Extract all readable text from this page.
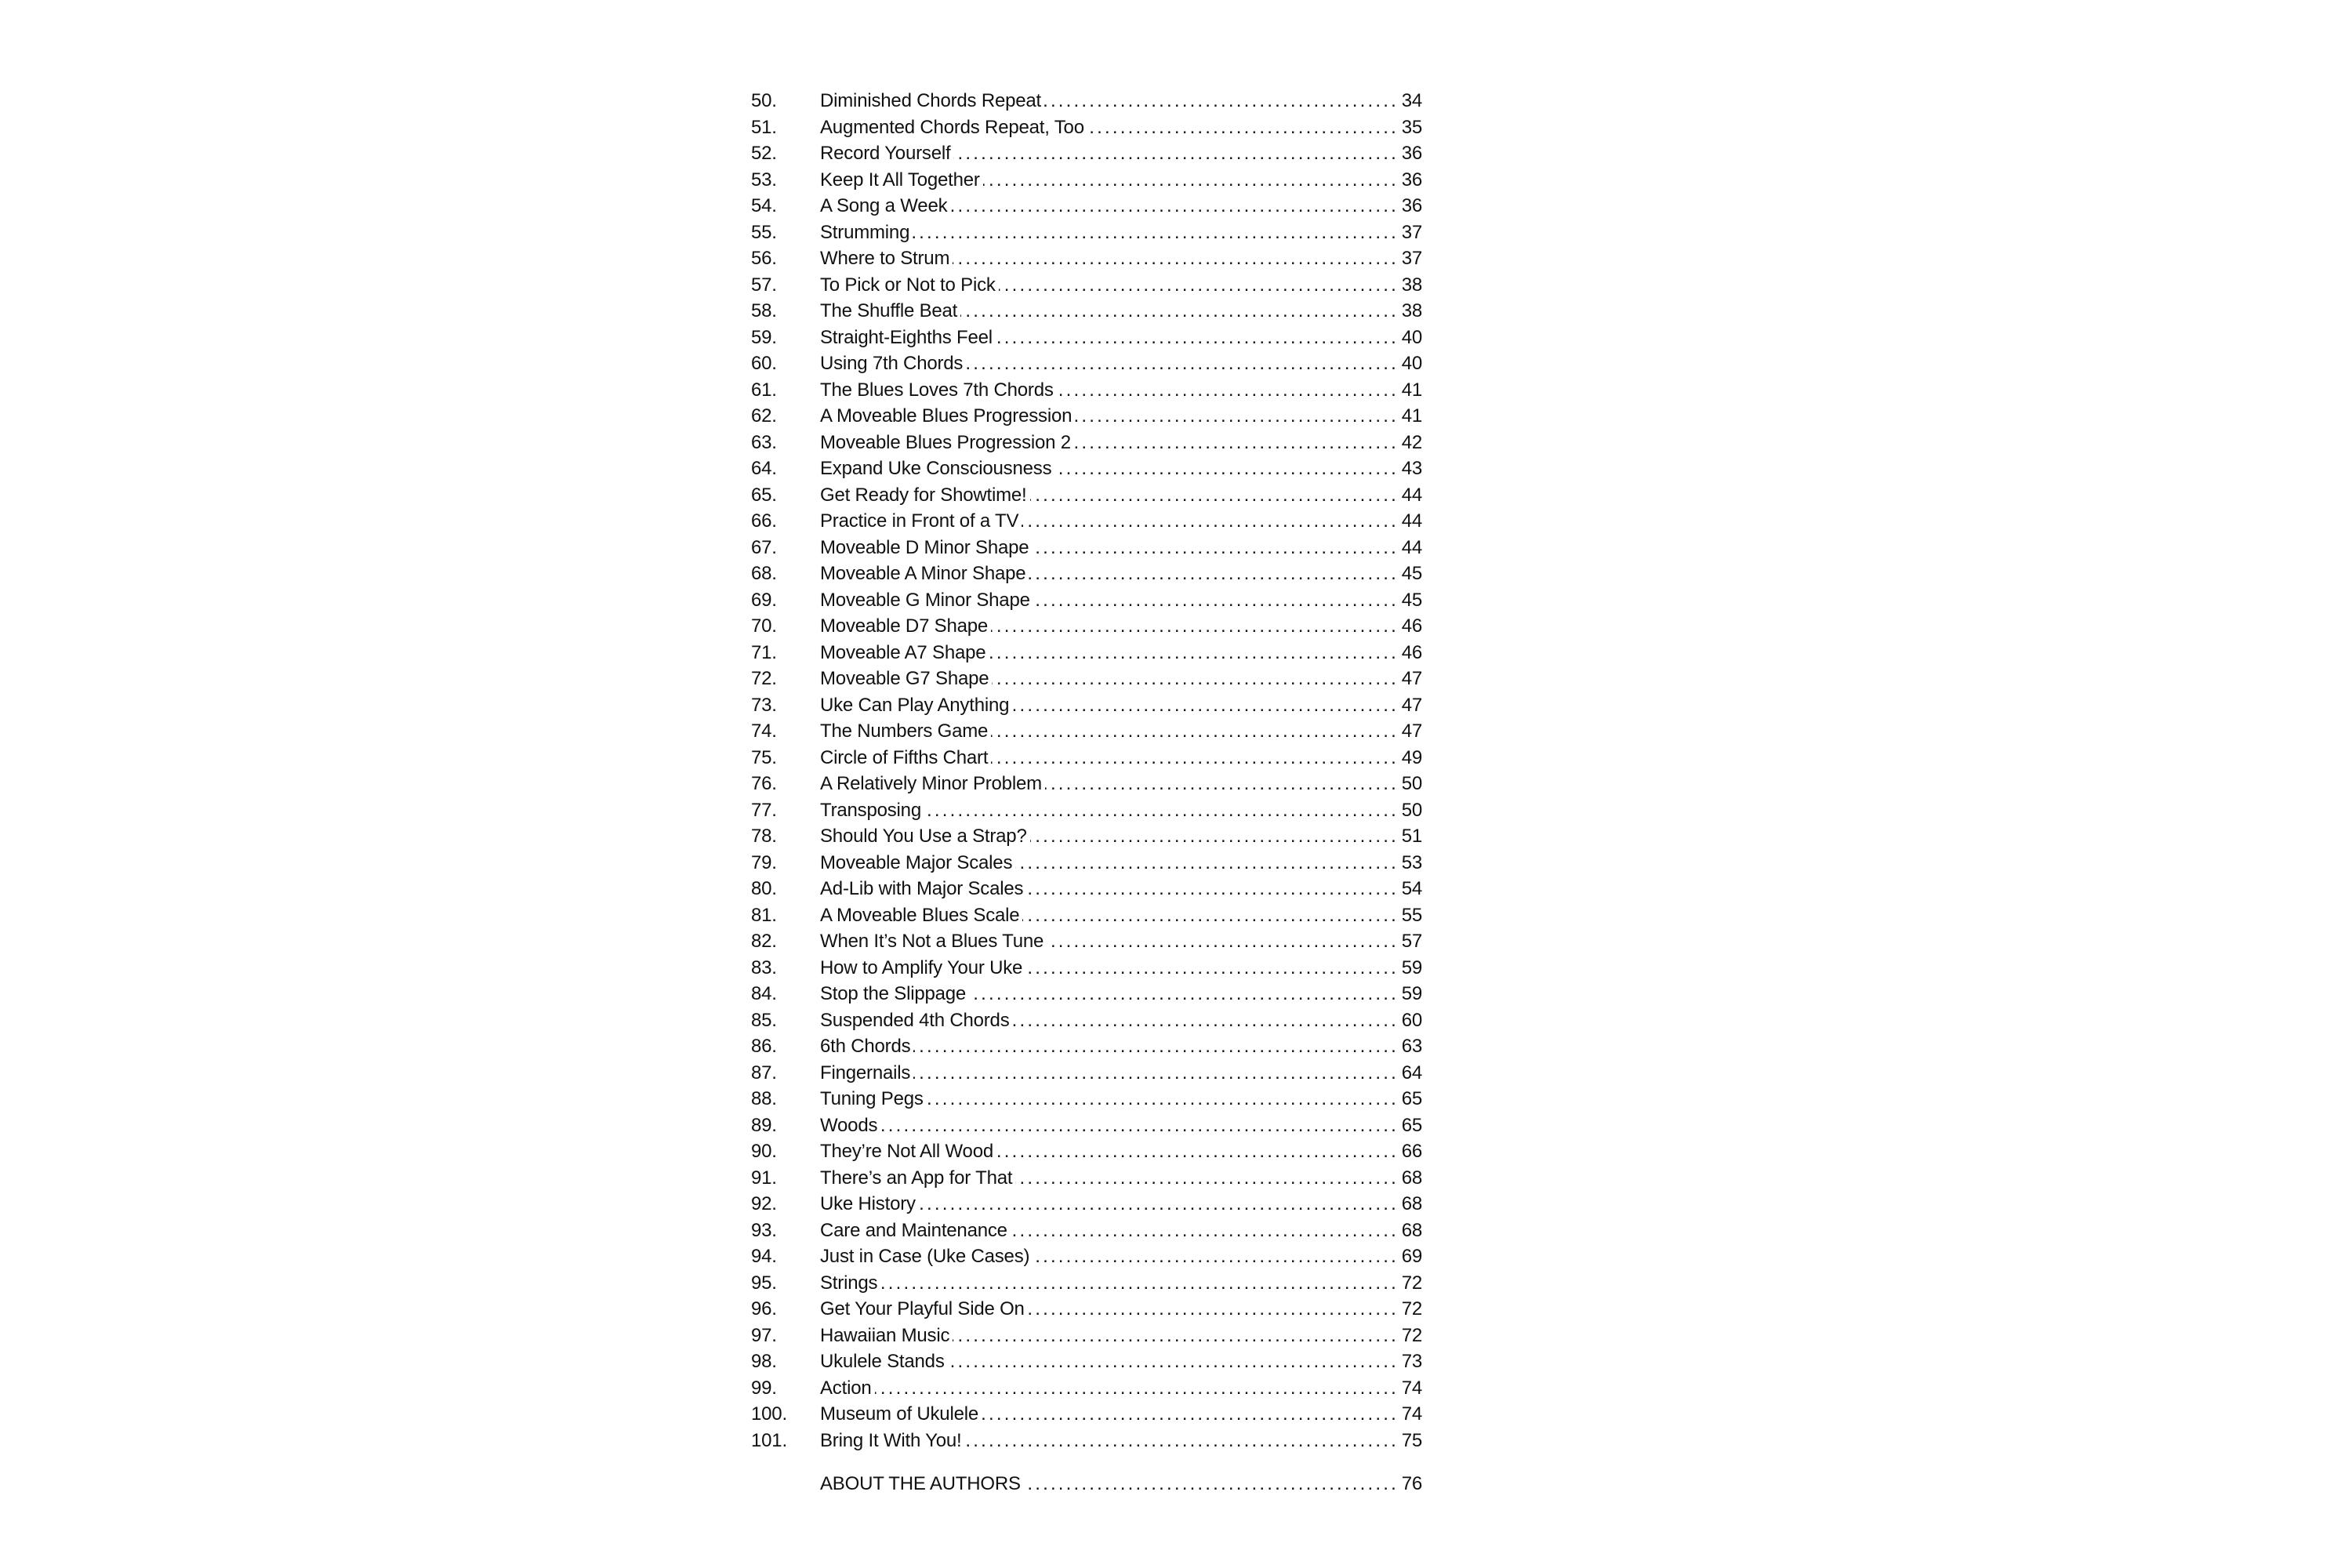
50.	Diminished Chords Repeat .....	34
51.	Augmented Chords Repeat, Too .....	35
52.	Record Yourself .....	36
53.	Keep It All Together .....	36
54.	A Song a Week .....	36
55.	Strumming .....	37
56.	Where to Strum .....	37
57.	To Pick or Not to Pick .....	38
58.	The Shuffle Beat .....	38
59.	Straight-Eighths Feel .....	40
60.	Using 7th Chords .....	40
61.	The Blues Loves 7th Chords .....	41
62.	A Moveable Blues Progression .....	41
63.	Moveable Blues Progression 2 .....	42
64.	Expand Uke Consciousness .....	43
65.	Get Ready for Showtime! .....	44
66.	Practice in Front of a TV .....	44
67.	Moveable D Minor Shape .....	44
68.	Moveable A Minor Shape .....	45
69.	Moveable G Minor Shape .....	45
70.	Moveable D7 Shape .....	46
71.	Moveable A7 Shape .....	46
72.	Moveable G7 Shape .....	47
73.	Uke Can Play Anything .....	47
74.	The Numbers Game .....	47
75.	Circle of Fifths Chart .....	49
76.	A Relatively Minor Problem .....	50
77.	Transposing .....	50
78.	Should You Use a Strap? .....	51
79.	Moveable Major Scales .....	53
80.	Ad-Lib with Major Scales .....	54
81.	A Moveable Blues Scale .....	55
82.	When It’s Not a Blues Tune .....	57
83.	How to Amplify Your Uke .....	59
84.	Stop the Slippage .....	59
85.	Suspended 4th Chords .....	60
86.	6th Chords .....	63
87.	Fingernails .....	64
88.	Tuning Pegs .....	65
89.	Woods .....	65
90.	They’re Not All Wood .....	66
91.	There’s an App for That .....	68
92.	Uke History .....	68
93.	Care and Maintenance .....	68
94.	Just in Case (Uke Cases) .....	69
95.	Strings .....	72
96.	Get Your Playful Side On .....	72
97.	Hawaiian Music .....	72
98.	Ukulele Stands .....	73
99.	Action .....	74
100.	Museum of Ukulele .....	74
101.	Bring It With You! .....	75
ABOUT THE AUTHORS .....	76
